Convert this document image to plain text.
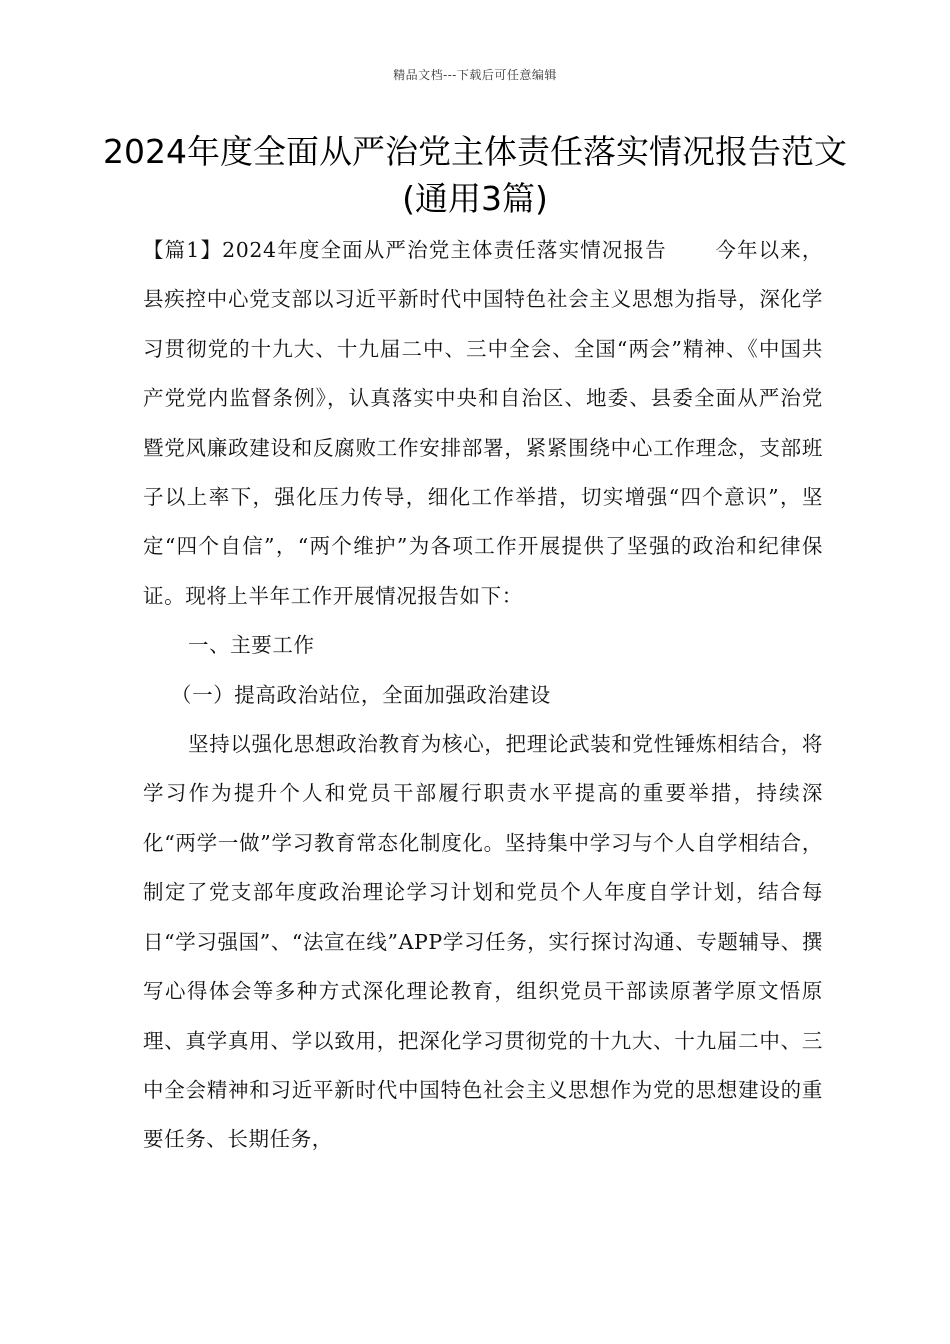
精品文档---下载后可任意编辑
2024年度全面从严治党主体责任落实情况报告范文(通用3篇)

【篇1】2024年度全面从严治党主体责任落实情况报告 今年以来，县疾控中心党支部以习近平新时代中国特色社会主义思想为指导，深化学习贯彻党的十九大、十九届二中、三中全会、全国“两会”精神、《中国共产党党内监督条例》，认真落实中央和自治区、地委、县委全面从严治党暨党风廉政建设和反腐败工作安排部署，紧紧围绕中心工作理念，支部班子以上率下，强化压力传导，细化工作举措，切实增强“四个意识”，坚定“四个自信”，“两个维护”为各项工作开展提供了坚强的政治和纪律保证。现将上半年工作开展情况报告如下：

一、主要工作

（一）提高政治站位，全面加强政治建设

坚持以强化思想政治教育为核心，把理论武装和党性锤炼相结合，将学习作为提升个人和党员干部履行职责水平提高的重要举措，持续深化“两学一做”学习教育常态化制度化。坚持集中学习与个人自学相结合，制定了党支部年度政治理论学习计划和党员个人年度自学计划，结合每日“学习强国”、“法宣在线”APP学习任务，实行探讨沟通、专题辅导、撰写心得体会等多种方式深化理论教育，组织党员干部读原著学原文悟原理、真学真用、学以致用，把深化学习贯彻党的十九大、十九届二中、三中全会精神和习近平新时代中国特色社会主义思想作为党的思想建设的重要任务、长期任务，
